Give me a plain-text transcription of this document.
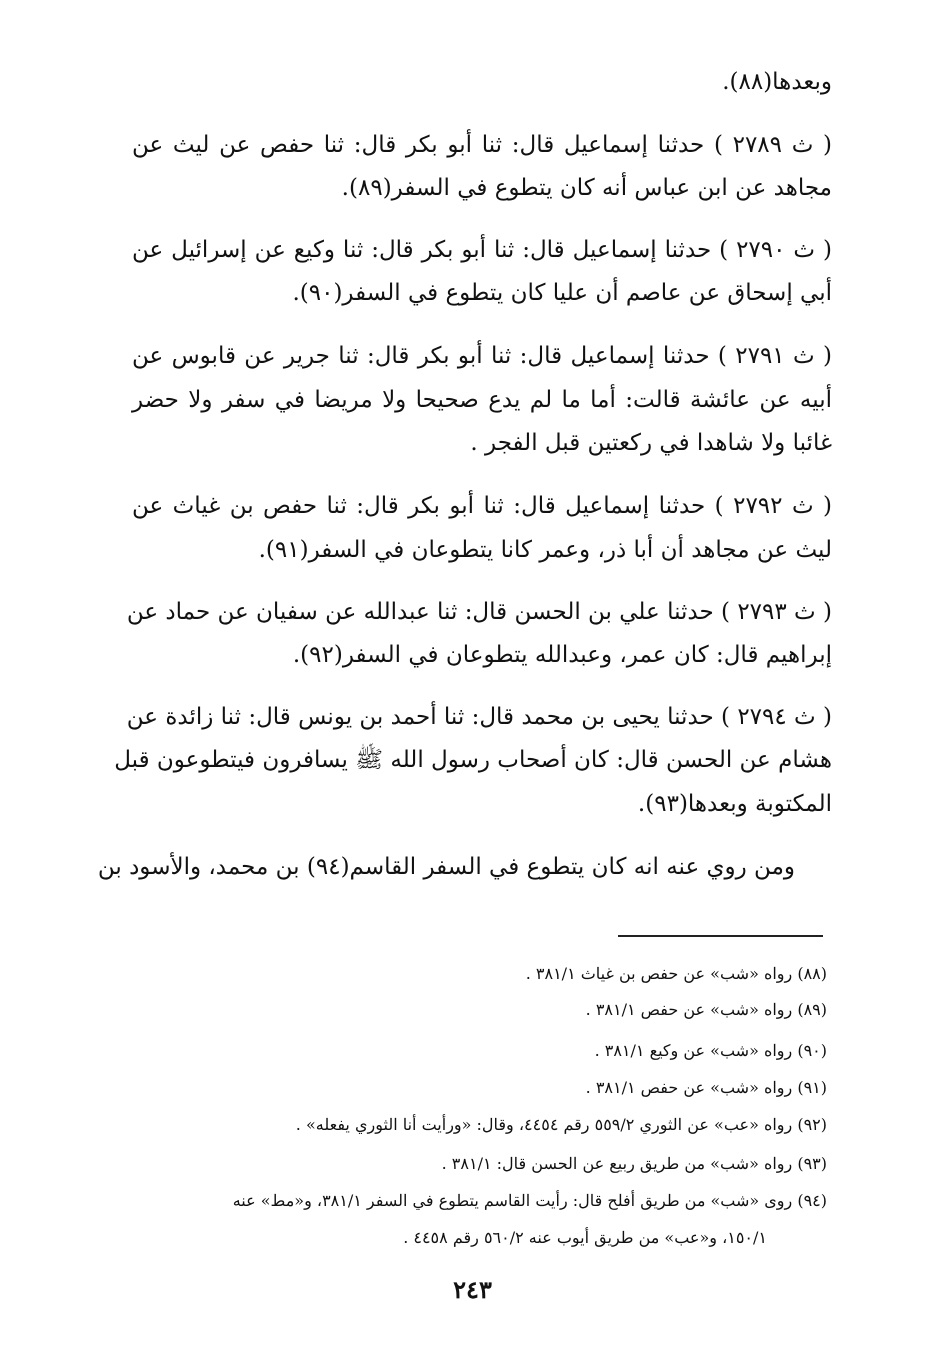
وبعدها(٨٨).
( ث ٢٧٨٩ ) حدثنا إسماعيل قال: ثنا أبو بكر قال: ثنا حفص عن ليث عن
مجاهد عن ابن عباس أنه كان يتطوع في السفر(٨٩).
( ث ٢٧٩٠ ) حدثنا إسماعيل قال: ثنا أبو بكر قال: ثنا وكيع عن إسرائيل عن
أبي إسحاق عن عاصم أن عليا كان يتطوع في السفر(٩٠).
( ث ٢٧٩١ ) حدثنا إسماعيل قال: ثنا أبو بكر قال: ثنا جرير عن قابوس عن
أبيه عن عائشة قالت: أما ما لم يدع صحيحا ولا مريضا في سفر ولا حضر
غائبا ولا شاهدا في ركعتين قبل الفجر .
( ث ٢٧٩٢ ) حدثنا إسماعيل قال: ثنا أبو بكر قال: ثنا حفص بن غياث عن
ليث عن مجاهد أن أبا ذر، وعمر كانا يتطوعان في السفر(٩١).
( ث ٢٧٩٣ ) حدثنا علي بن الحسن قال: ثنا عبدالله عن سفيان عن حماد عن
إبراهيم قال: كان عمر، وعبدالله يتطوعان في السفر(٩٢).
( ث ٢٧٩٤ ) حدثنا يحيى بن محمد قال: ثنا أحمد بن يونس قال: ثنا زائدة عن
هشام عن الحسن قال: كان أصحاب رسول الله ﷺ يسافرون فيتطوعون قبل
المكتوبة وبعدها(٩٣).
ومن روي عنه انه كان يتطوع في السفر القاسم(٩٤) بن محمد، والأسود بن
(٨٨) رواه «شب» عن حفص بن غياث ٣٨١/١ .
(٨٩) رواه «شب» عن حفص ٣٨١/١ .
(٩٠) رواه «شب» عن وكيع ٣٨١/١ .
(٩١) رواه «شب» عن حفص ٣٨١/١ .
(٩٢) رواه «عب» عن الثوري ٥٥٩/٢ رقم ٤٤٥٤، وقال: «ورأيت أنا الثوري يفعله» .
(٩٣) رواه «شب» من طريق ربيع عن الحسن قال: ٣٨١/١ .
(٩٤) روى «شب» من طريق أفلح قال: رأيت القاسم يتطوع في السفر ٣٨١/١، و«مط» عنه
١٥٠/١، و«عب» من طريق أيوب عنه ٥٦٠/٢ رقم ٤٤٥٨ .
٢٤٣
